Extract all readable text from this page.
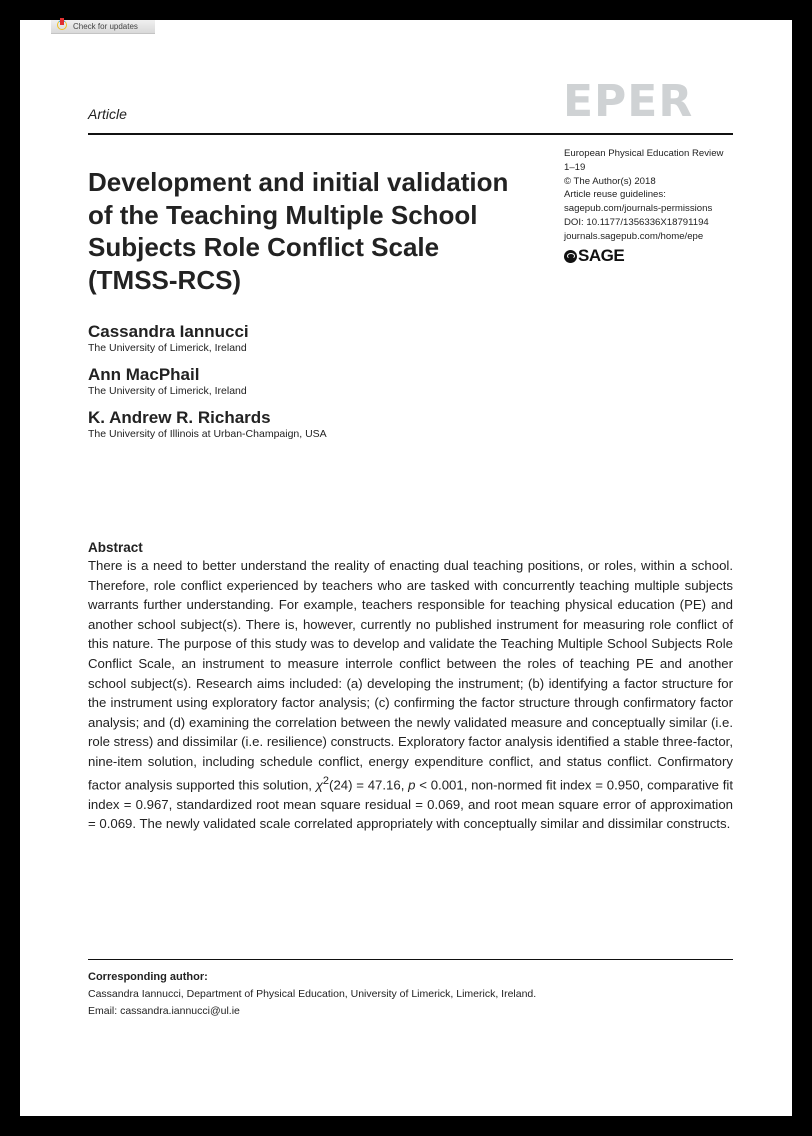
Check for updates
Article	EPER
European Physical Education Review
1–19
© The Author(s) 2018
Article reuse guidelines:
sagepub.com/journals-permissions
DOI: 10.1177/1356336X18791194
journals.sagepub.com/home/epe
SAGE
Development and initial validation of the Teaching Multiple School Subjects Role Conflict Scale (TMSS-RCS)
Cassandra Iannucci
The University of Limerick, Ireland
Ann MacPhail
The University of Limerick, Ireland
K. Andrew R. Richards
The University of Illinois at Urban-Champaign, USA
Abstract

There is a need to better understand the reality of enacting dual teaching positions, or roles, within a school. Therefore, role conflict experienced by teachers who are tasked with concurrently teaching multiple subjects warrants further understanding. For example, teachers responsible for teaching physical education (PE) and another school subject(s). There is, however, currently no published instrument for measuring role conflict of this nature. The purpose of this study was to develop and validate the Teaching Multiple School Subjects Role Conflict Scale, an instrument to measure interrole conflict between the roles of teaching PE and another school subject(s). Research aims included: (a) developing the instrument; (b) identifying a factor structure for the instrument using exploratory factor analysis; (c) confirming the factor structure through confirmatory factor analysis; and (d) examining the correlation between the newly validated measure and conceptually similar (i.e. role stress) and dissimilar (i.e. resilience) constructs. Exploratory factor analysis identified a stable three-factor, nine-item solution, including schedule conflict, energy expenditure conflict, and status conflict. Confirmatory factor analysis supported this solution, $\chi^2(24) = 47.16$, p < 0.001, non-normed fit index = 0.950, comparative fit index = 0.967, standardized root mean square residual = 0.069, and root mean square error of approximation = 0.069. The newly validated scale correlated appropriately with conceptually similar and dissimilar constructs.

Corresponding author:
Cassandra Iannucci, Department of Physical Education, University of Limerick, Limerick, Ireland.
Email: cassandra.iannucci@ul.ie
